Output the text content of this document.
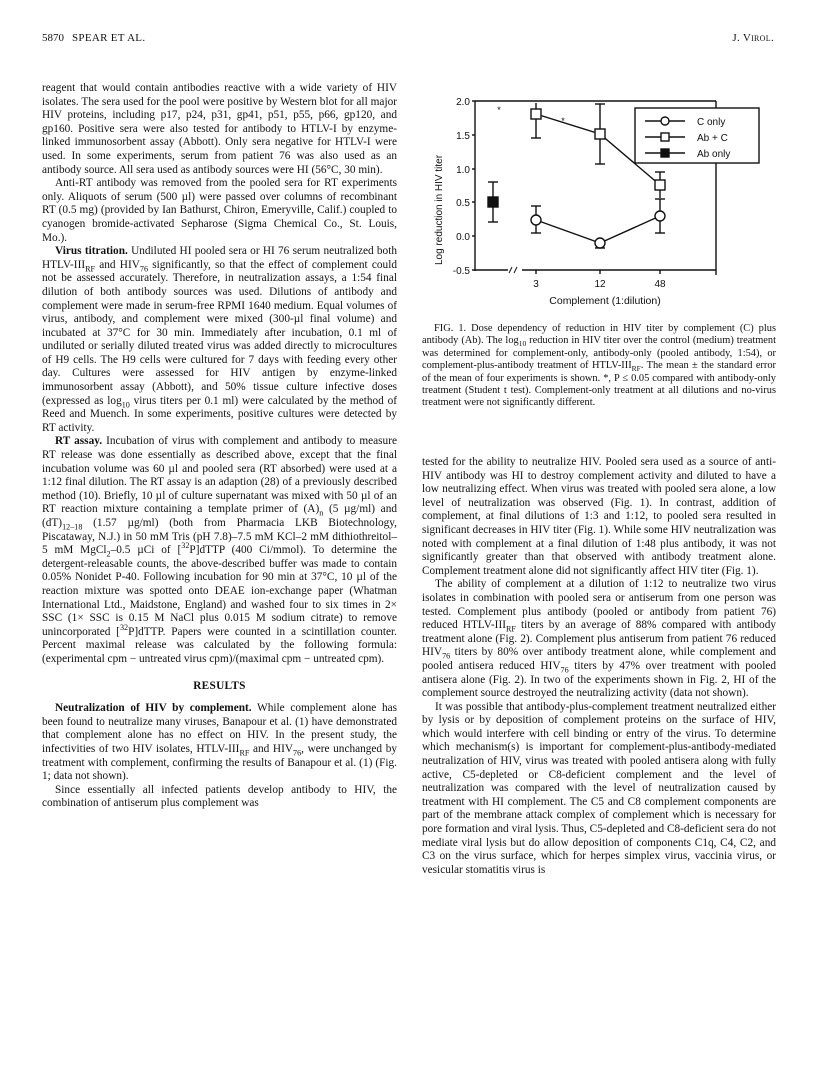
5870 SPEAR ET AL.	J. Virol.

reagent that would contain antibodies reactive with a wide variety of HIV isolates. The sera used for the pool were positive by Western blot for all major HIV proteins, including p17, p24, p31, gp41, p51, p55, p66, gp120, and gp160. Positive sera were also tested for antibody to HTLV-I by enzyme-linked immunosorbent assay (Abbott). Only sera negative for HTLV-I were used. In some experiments, serum from patient 76 was also used as an antibody source. All sera used as antibody sources were HI (56°C, 30 min).

Anti-RT antibody was removed from the pooled sera for RT experiments only. Aliquots of serum (500 µl) were passed over columns of recombinant RT (0.5 mg) (provided by Ian Bathurst, Chiron, Emeryville, Calif.) coupled to cyanogen bromide-activated Sepharose (Sigma Chemical Co., St. Louis, Mo.).

Virus titration. Undiluted HI pooled sera or HI 76 serum neutralized both HTLV-$III_{RF}$ and $HIV_{76}$ significantly, so that the effect of complement could not be assessed accurately. Therefore, in neutralization assays, a 1:54 final dilution of both antibody sources was used. Dilutions of antibody and complement were made in serum-free RPMI 1640 medium. Equal volumes of virus, antibody, and complement were mixed (300-µl final volume) and incubated at 37°C for 30 min. Immediately after incubation, 0.1 ml of undiluted or serially diluted treated virus was added directly to microcultures of H9 cells. The H9 cells were cultured for 7 days with feeding every other day. Cultures were assessed for HIV antigen by enzyme-linked immunosorbent assay (Abbott), and 50% tissue culture infective doses (expressed as $\log_{10}$ virus titers per 0.1 ml) were calculated by the method of Reed and Muench. In some experiments, positive cultures were detected by RT activity.

RT assay. Incubation of virus with complement and antibody to measure RT release was done essentially as described above, except that the final incubation volume was 60 µl and pooled sera (RT absorbed) were used at a 1:12 final dilution. The RT assay is an adaption (28) of a previously described method (10). Briefly, 10 µl of culture supernatant was mixed with 50 µl of an RT reaction mixture containing a template primer of $(A)_n$ (5 µg/ml) and $(dT)_{12-18}$ (1.57 µg/ml) (both from Pharmacia LKB Biotechnology, Piscataway, N.J.) in 50 mM Tris (pH 7.8)–7.5 mM KCl–2 mM dithiothreitol–5 mM MgCl$_2$–0.5 µCi of [$^{32}$P]dTTP (400 Ci/mmol). To determine the detergent-releasable counts, the above-described buffer was made to contain 0.05% Nonidet P-40. Following incubation for 90 min at 37°C, 10 µl of the reaction mixture was spotted onto DEAE ion-exchange paper (Whatman International Ltd., Maidstone, England) and washed four to six times in 2× SSC (1× SSC is 0.15 M NaCl plus 0.015 M sodium citrate) to remove unincorporated [$^{32}$P]dTTP. Papers were counted in a scintillation counter. Percent maximal release was calculated by the following formula: (experimental cpm − untreated virus cpm)/(maximal cpm − untreated cpm).

RESULTS

Neutralization of HIV by complement. While complement alone has been found to neutralize many viruses, Banapour et al. (1) have demonstrated that complement alone has no effect on HIV. In the present study, the infectivities of two HIV isolates, HTLV-$III_{RF}$ and $HIV_{76}$, were unchanged by treatment with complement, confirming the results of Banapour et al. (1) (Fig. 1; data not shown).

Since essentially all infected patients develop antibody to HIV, the combination of antiserum plus complement was

Log reduction in HIV titer
2.0
1.5
1.0
0.5
0.0
-0.5
3	12	48
Complement (1:dilution)
*
*	C only
Ab + C
Ab only

FIG. 1. Dose dependency of reduction in HIV titer by complement (C) plus antibody (Ab). The $\log_{10}$ reduction in HIV titer over the control (medium) treatment was determined for complement-only, antibody-only (pooled antibody, 1:54), or complement-plus-antibody treatment of HTLV-$III_{RF}$. The mean ± the standard error of the mean of four experiments is shown. *, P ≤ 0.05 compared with antibody-only treatment (Student t test). Complement-only treatment at all dilutions and no-virus treatment were not significantly different.

tested for the ability to neutralize HIV. Pooled sera used as a source of anti-HIV antibody was HI to destroy complement activity and diluted to have a low neutralizing effect. When virus was treated with pooled sera alone, a low level of neutralization was observed (Fig. 1). In contrast, addition of complement, at final dilutions of 1:3 and 1:12, to pooled sera resulted in significant decreases in HIV titer (Fig. 1). While some HIV neutralization was noted with complement at a final dilution of 1:48 plus antibody, it was not significantly greater than that observed with antibody treatment alone. Complement treatment alone did not significantly affect HIV titer (Fig. 1).

The ability of complement at a dilution of 1:12 to neutralize two virus isolates in combination with pooled sera or antiserum from one person was tested. Complement plus antibody (pooled or antibody from patient 76) reduced HTLV-$III_{RF}$ titers by an average of 88% compared with antibody treatment alone (Fig. 2). Complement plus antiserum from patient 76 reduced $HIV_{76}$ titers by 80% over antibody treatment alone, while complement and pooled antisera reduced $HIV_{76}$ titers by 47% over treatment with pooled antisera alone (Fig. 2). In two of the experiments shown in Fig. 2, HI of the complement source destroyed the neutralizing activity (data not shown).

It was possible that antibody-plus-complement treatment neutralized either by lysis or by deposition of complement proteins on the surface of HIV, which would interfere with cell binding or entry of the virus. To determine which mechanism(s) is important for complement-plus-antibody-mediated neutralization of HIV, virus was treated with pooled antisera along with fully active, C5-depleted or C8-deficient complement and the level of neutralization was compared with the level of neutralization caused by treatment with HI complement. The C5 and C8 complement components are part of the membrane attack complex of complement which is necessary for pore formation and viral lysis. Thus, C5-depleted and C8-deficient sera do not mediate viral lysis but do allow deposition of components C1q, C4, C2, and C3 on the virus surface, which for herpes simplex virus, vaccinia virus, or vesicular stomatitis virus is
